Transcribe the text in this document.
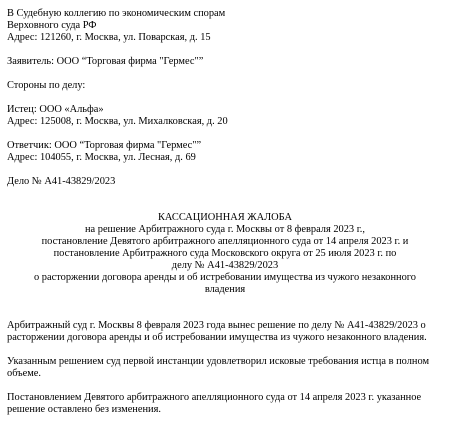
В Судебную коллегию по экономическим спорам
Верховного суда РФ
Адрес: 121260, г. Москва, ул. Поварская, д. 15
Заявитель: ООО “Торговая фирма "Гермес"”
Стороны по делу:
Истец: ООО «Альфа»
Адрес: 125008, г. Москва, ул. Михалковская, д. 20
Ответчик: ООО “Торговая фирма "Гермес"”
Адрес: 104055, г. Москва, ул. Лесная, д. 69
Дело № А41-43829/2023
КАССАЦИОННАЯ ЖАЛОБА
на решение Арбитражного суда г. Москвы от 8 февраля 2023 г.,
постановление Девятого арбитражного апелляционного суда от 14 апреля 2023 г. и
постановление Арбитражного суда Московского округа от 25 июля 2023 г. по
делу № А41-43829/2023
о расторжении договора аренды и об истребовании имущества из чужого незаконного
владения
Арбитражный суд г. Москвы 8 февраля 2023 года вынес решение по делу № А41-43829/2023 о
расторжении договора аренды и об истребовании имущества из чужого незаконного владения.
Указанным решением суд первой инстанции удовлетворил исковые требования истца в полном
объеме.
Постановлением Девятого арбитражного апелляционного суда от 14 апреля 2023 г. указанное
решение оставлено без изменения.
